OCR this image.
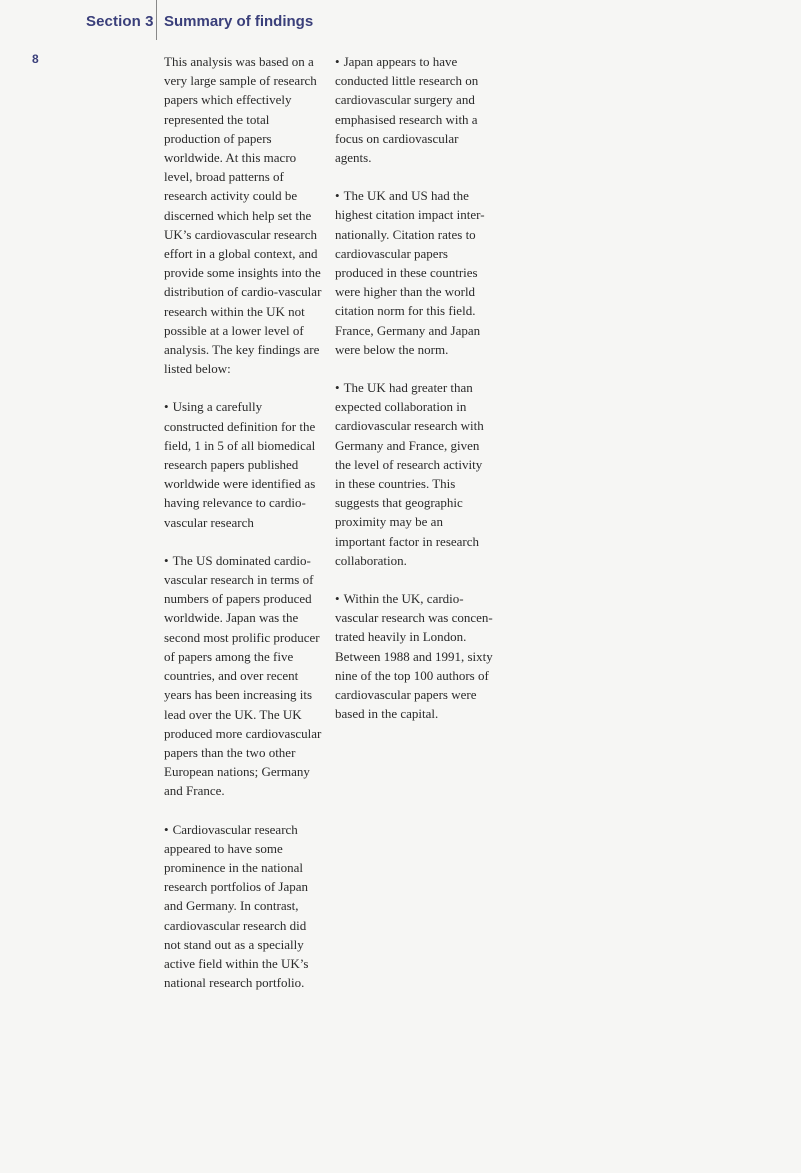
Section 3 Summary of findings
8	This analysis was based on a very large sample of research papers which effectively represented the total production of papers worldwide. At this macro level, broad patterns of research activity could be discerned which help set the UK’s cardiovascular research effort in a global context, and provide some insights into the distribution of cardio-vascular research within the UK not possible at a lower level of analysis. The key findings are listed below:

• Using a carefully constructed definition for the field, 1 in 5 of all biomedical research papers published worldwide were identified as having relevance to cardio-vascular research

• The US dominated cardio-vascular research in terms of numbers of papers produced worldwide. Japan was the second most prolific producer of papers among the five countries, and over recent years has been increasing its lead over the UK. The UK produced more cardiovascular papers than the two other European nations; Germany and France.

• Cardiovascular research appeared to have some prominence in the national research portfolios of Japan and Germany. In contrast, cardiovascular research did not stand out as a specially active field within the UK’s national research portfolio.

• Japan appears to have conducted little research on cardiovascular surgery and emphasised research with a focus on cardiovascular agents.

• The UK and US had the highest citation impact inter-nationally. Citation rates to cardiovascular papers produced in these countries were higher than the world citation norm for this field. France, Germany and Japan were below the norm.

• The UK had greater than expected collaboration in cardiovascular research with Germany and France, given the level of research activity in these countries. This suggests that geographic proximity may be an important factor in research collaboration.

• Within the UK, cardio-vascular research was concen-trated heavily in London. Between 1988 and 1991, sixty nine of the top 100 authors of cardiovascular papers were based in the capital.
